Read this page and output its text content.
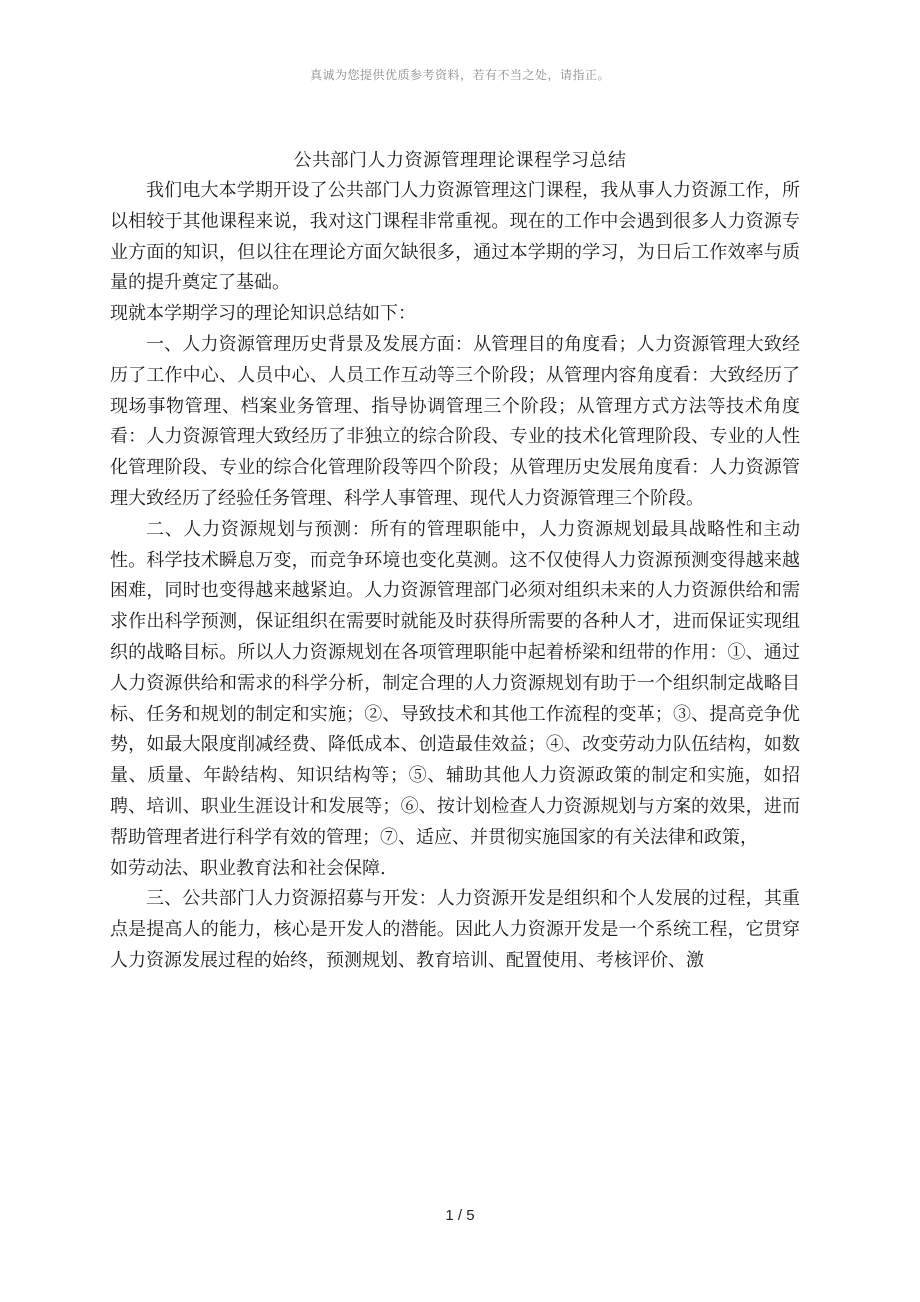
真诚为您提供优质参考资料，若有不当之处，请指正。
公共部门人力资源管理理论课程学习总结

我们电大本学期开设了公共部门人力资源管理这门课程，我从事人力资源工作，所以相较于其他课程来说，我对这门课程非常重视。现在的工作中会遇到很多人力资源专业方面的知识，但以往在理论方面欠缺很多，通过本学期的学习，为日后工作效率与质量的提升奠定了基础。

现就本学期学习的理论知识总结如下：

一、人力资源管理历史背景及发展方面：从管理目的角度看；人力资源管理大致经历了工作中心、人员中心、人员工作互动等三个阶段；从管理内容角度看：大致经历了现场事物管理、档案业务管理、指导协调管理三个阶段；从管理方式方法等技术角度看：人力资源管理大致经历了非独立的综合阶段、专业的技术化管理阶段、专业的人性化管理阶段、专业的综合化管理阶段等四个阶段；从管理历史发展角度看：人力资源管理大致经历了经验任务管理、科学人事管理、现代人力资源管理三个阶段。

二、人力资源规划与预测：所有的管理职能中，人力资源规划最具战略性和主动性。科学技术瞬息万变，而竞争环境也变化莫测。这不仅使得人力资源预测变得越来越困难，同时也变得越来越紧迫。人力资源管理部门必须对组织未来的人力资源供给和需求作出科学预测，保证组织在需要时就能及时获得所需要的各种人才，进而保证实现组织的战略目标。所以人力资源规划在各项管理职能中起着桥梁和纽带的作用：①、通过人力资源供给和需求的科学分析，制定合理的人力资源规划有助于一个组织制定战略目标、任务和规划的制定和实施；②、导致技术和其他工作流程的变革；③、提高竞争优势，如最大限度削减经费、降低成本、创造最佳效益；④、改变劳动力队伍结构，如数量、质量、年龄结构、知识结构等；⑤、辅助其他人力资源政策的制定和实施，如招聘、培训、职业生涯设计和发展等；⑥、按计划检查人力资源规划与方案的效果，进而帮助管理者进行科学有效的管理；⑦、适应、并贯彻实施国家的有关法律和政策，

如劳动法、职业教育法和社会保障.

三、公共部门人力资源招募与开发：人力资源开发是组织和个人发展的过程，其重点是提高人的能力，核心是开发人的潜能。因此人力资源开发是一个系统工程，它贯穿人力资源发展过程的始终，预测规划、教育培训、配置使用、考核评价、激

1 / 5
